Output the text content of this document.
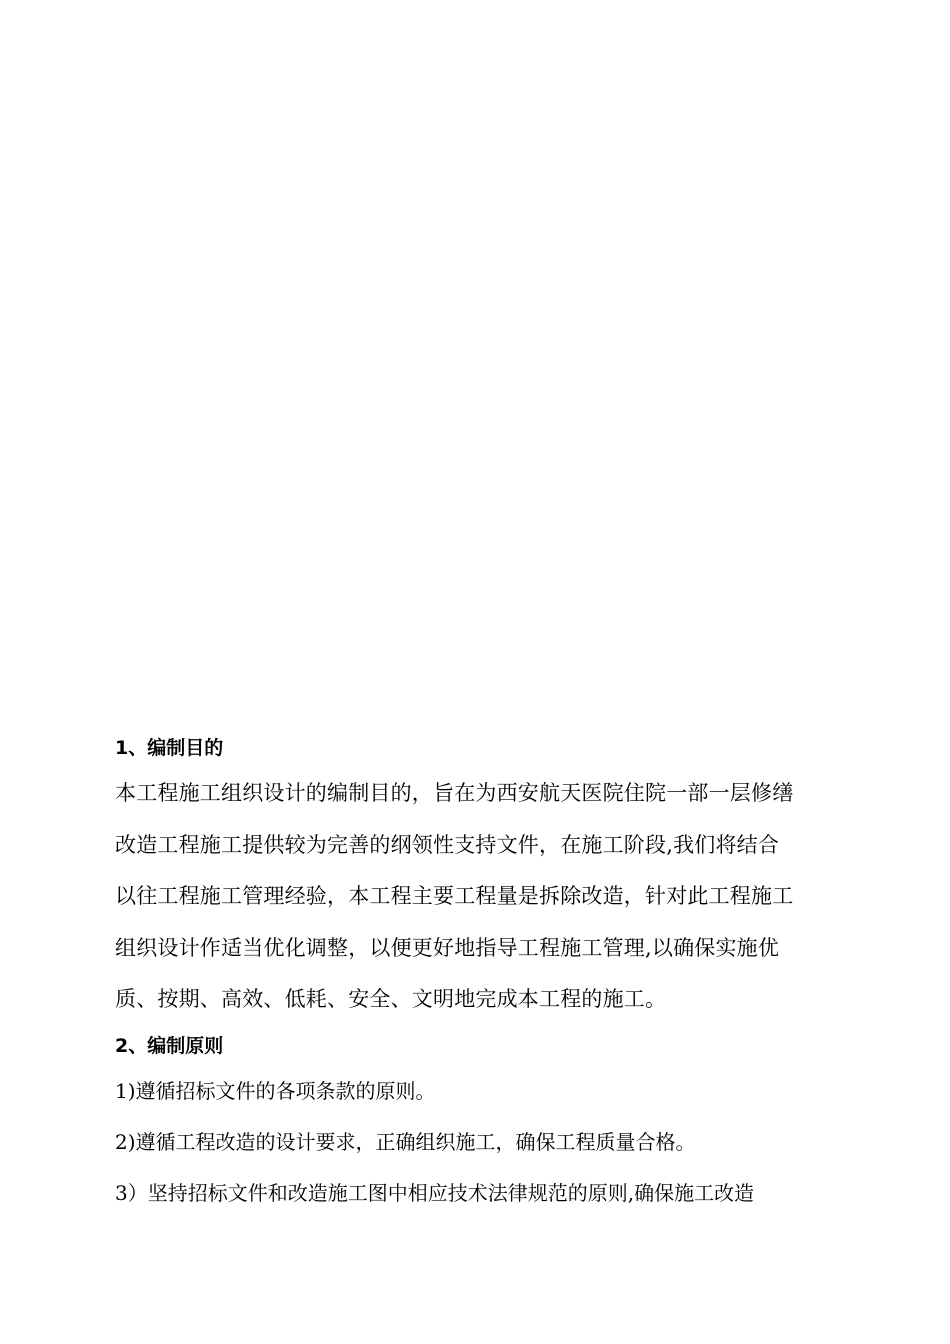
1、编制目的
本工程施工组织设计的编制目的，旨在为西安航天医院住院一部一层修缮
改造工程施工提供较为完善的纲领性支持文件，在施工阶段,我们将结合
以往工程施工管理经验，本工程主要工程量是拆除改造，针对此工程施工
组织设计作适当优化调整，以便更好地指导工程施工管理,以确保实施优
质、按期、高效、低耗、安全、文明地完成本工程的施工。
2、编制原则
1)遵循招标文件的各项条款的原则。
2)遵循工程改造的设计要求，正确组织施工，确保工程质量合格。
3）坚持招标文件和改造施工图中相应技术法律规范的原则,确保施工改造
